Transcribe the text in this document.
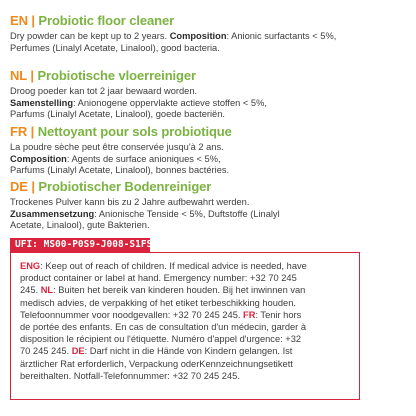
EN | Probiotic floor cleaner
Dry powder can be kept up to 2 years. Composition: Anionic surfactants < 5%,
Perfumes (Linalyl Acetate, Linalool), good bacteria.
NL | Probiotische vloerreiniger
Droog poeder kan tot 2 jaar bewaard worden.
Samenstelling: Anionogene oppervlakte actieve stoffen < 5%,
Parfums (Linalyl Acetate, Linalool), goede bacteriën.
FR | Nettoyant pour sols probiotique
La poudre sèche peut être conservée jusqu'à 2 ans.
Composition: Agents de surface anioniques < 5%,
Parfums (Linalyl Acetate, Linalool), bonnes bactéries.
DE | Probiotischer Bodenreiniger
Trockenes Pulver kann bis zu 2 Jahre aufbewahrt werden.
Zusammensetzung: Anionische Tenside < 5%, Duftstoffe (Linalyl
Acetate, Linalool), gute Bakterien.
UFI: MS00-P0S9-J008-S1FS
ENG: Keep out of reach of children. If medical advice is needed, have
product container or label at hand. Emergency number: +32 70 245
245. NL: Buiten het bereik van kinderen houden. Bij het inwinnen van
medisch advies, de verpakking of het etiket terbeschikking houden.
Telefoonnummer voor noodgevallen: +32 70 245 245. FR: Tenir hors
de portée des enfants. En cas de consultation d'un médecin, garder à
disposition le récipient ou l'étiquette. Numéro d'appel d'urgence: +32
70 245 245. DE: Darf nicht in die Hände von Kindern gelangen. Ist
ärztlicher Rat erforderlich, Verpackung oderKennzeichnungsetikett
bereithalten. Notfall-Telefonnummer: +32 70 245 245.
